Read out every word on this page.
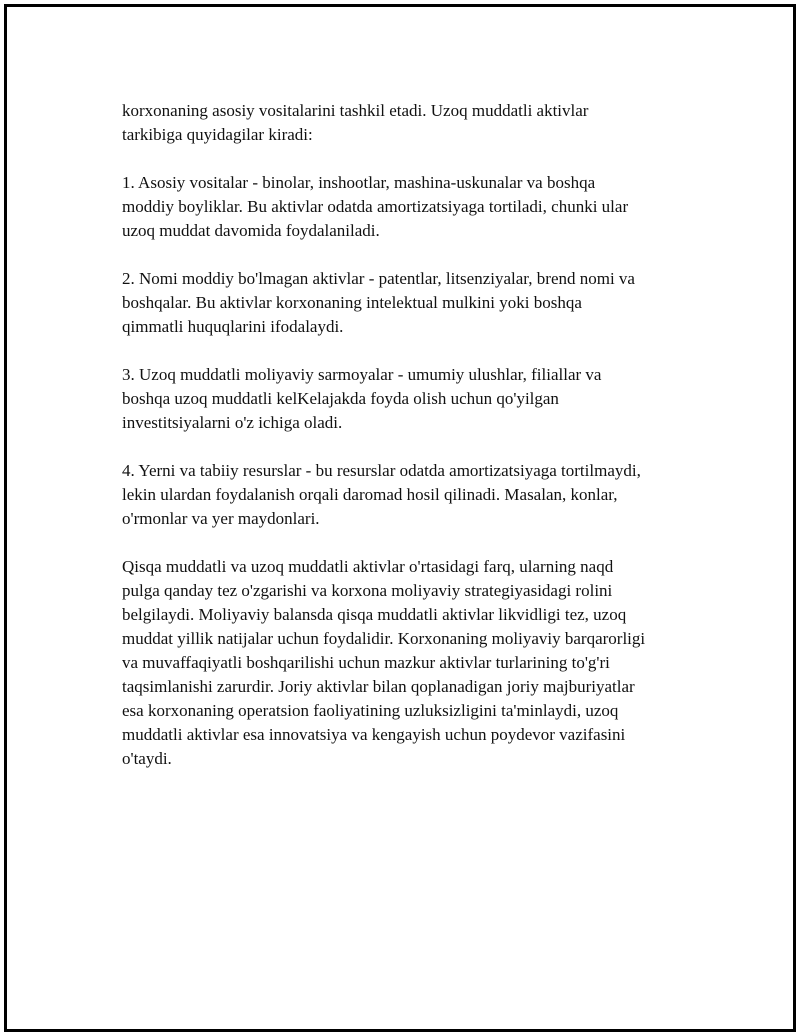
korxonaning asosiy vositalarini tashkil etadi. Uzoq muddatli aktivlar
tarkibiga quyidagilar kiradi:

1. Asosiy vositalar - binolar, inshootlar, mashina-uskunalar va boshqa
moddiy boyliklar. Bu aktivlar odatda amortizatsiyaga tortiladi, chunki ular
uzoq muddat davomida foydalaniladi.

2. Nomi moddiy bo'lmagan aktivlar - patentlar, litsenziyalar, brend nomi va
boshqalar. Bu aktivlar korxonaning intelektual mulkini yoki boshqa
qimmatli huquqlarini ifodalaydi.

3. Uzoq muddatli moliyaviy sarmoyalar - umumiy ulushlar, filiallar va
boshqa uzoq muddatli kelKelajakda foyda olish uchun qo'yilgan
investitsiyalarni o'z ichiga oladi.

4. Yerni va tabiiy resurslar - bu resurslar odatda amortizatsiyaga tortilmaydi,
lekin ulardan foydalanish orqali daromad hosil qilinadi. Masalan, konlar,
o'rmonlar va yer maydonlari.

Qisqa muddatli va uzoq muddatli aktivlar o'rtasidagi farq, ularning naqd
pulga qanday tez o'zgarishi va korxona moliyaviy strategiyasidagi rolini
belgilaydi. Moliyaviy balansda qisqa muddatli aktivlar likvidligi tez, uzoq
muddat yillik natijalar uchun foydalidir. Korxonaning moliyaviy barqarorligi
va muvaffaqiyatli boshqarilishi uchun mazkur aktivlar turlarining to'g'ri
taqsimlanishi zarurdir. Joriy aktivlar bilan qoplanadigan joriy majburiyatlar
esa korxonaning operatsion faoliyatining uzluksizligini ta'minlaydi, uzoq
muddatli aktivlar esa innovatsiya va kengayish uchun poydevor vazifasini
o'taydi.
